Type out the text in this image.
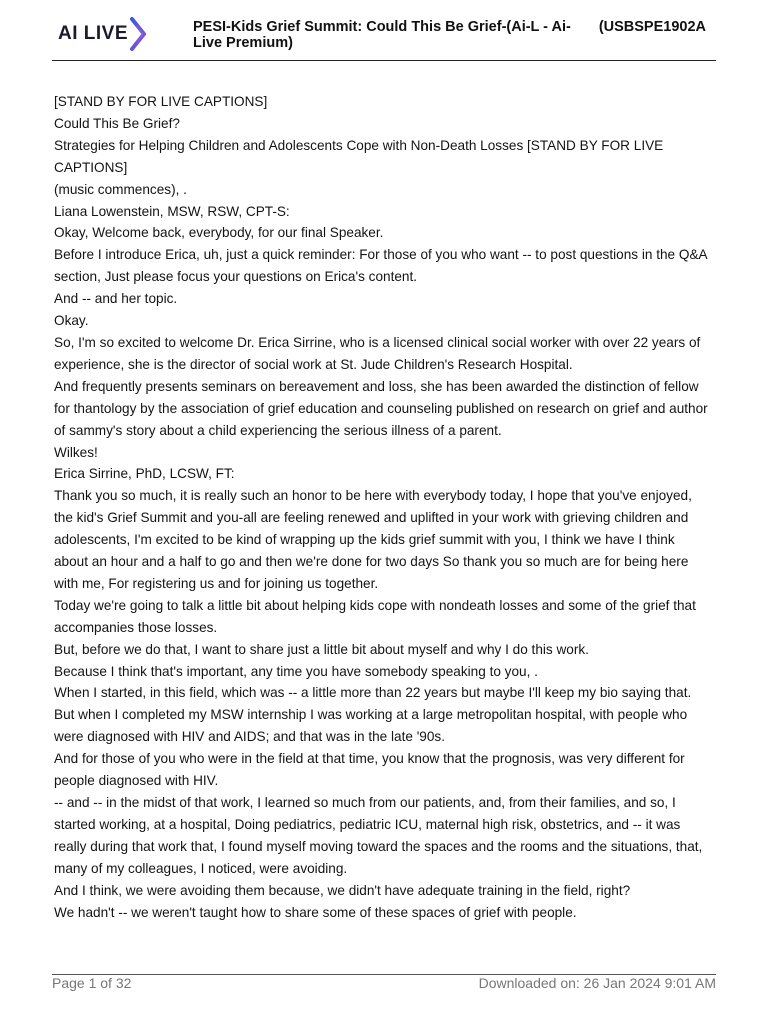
AI LIVE	PESI-Kids Grief Summit: Could This Be Grief-(Ai-L - Ai-Live Premium)
(USBSPE1902A

[STAND BY FOR LIVE CAPTIONS]

Could This Be Grief?

Strategies for Helping Children and Adolescents Cope with Non-Death Losses [STAND BY FOR LIVE CAPTIONS]

(music commences), .

Liana Lowenstein, MSW, RSW, CPT-S:

Okay, Welcome back, everybody, for our final Speaker.

Before I introduce Erica, uh, just a quick reminder: For those of you who want -- to post questions in the Q&A section, Just please focus your questions on Erica's content.

And -- and her topic.

Okay.

So, I'm so excited to welcome Dr. Erica Sirrine, who is a licensed clinical social worker with over 22 years of experience, she is the director of social work at St. Jude Children's Research Hospital.

And frequently presents seminars on bereavement and loss, she has been awarded the distinction of fellow for thantology by the association of grief education and counseling published on research on grief and author of sammy's story about a child experiencing the serious illness of a parent.

Wilkes!

Erica Sirrine, PhD, LCSW, FT:

Thank you so much, it is really such an honor to be here with everybody today, I hope that you've enjoyed, the kid's Grief Summit and you-all are feeling renewed and uplifted in your work with grieving children and adolescents, I'm excited to be kind of wrapping up the kids grief summit with you, I think we have I think about an hour and a half to go and then we're done for two days So thank you so much are for being here with me, For registering us and for joining us together.

Today we're going to talk a little bit about helping kids cope with nondeath losses and some of the grief that accompanies those losses.

But, before we do that, I want to share just a little bit about myself and why I do this work.

Because I think that's important, any time you have somebody speaking to you, .

When I started, in this field, which was -- a little more than 22 years but maybe I'll keep my bio saying that.

But when I completed my MSW internship I was working at a large metropolitan hospital, with people who were diagnosed with HIV and AIDS; and that was in the late '90s.

And for those of you who were in the field at that time, you know that the prognosis, was very different for people diagnosed with HIV.

-- and -- in the midst of that work, I learned so much from our patients, and, from their families, and so, I started working, at a hospital, Doing pediatrics, pediatric ICU, maternal high risk, obstetrics, and -- it was really during that work that, I found myself moving toward the spaces and the rooms and the situations, that, many of my colleagues, I noticed, were avoiding.

And I think, we were avoiding them because, we didn't have adequate training in the field, right?

We hadn't -- we weren't taught how to share some of these spaces of grief with people.

Page 1 of 32	Downloaded on: 26 Jan 2024 9:01 AM
